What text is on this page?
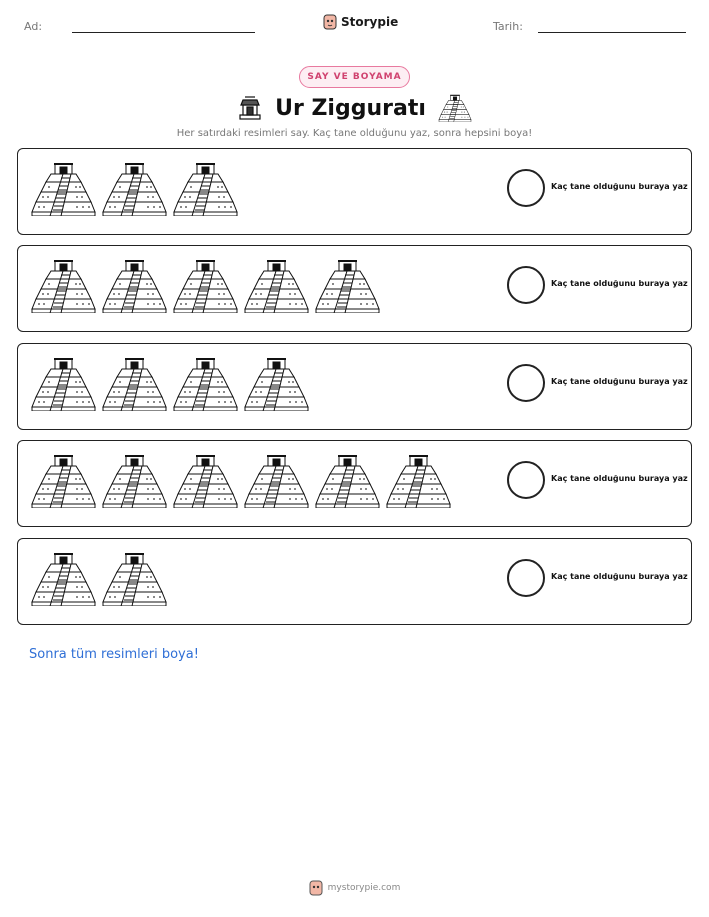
Ad:	Storypie	Tarih:
SAY VE BOYAMA
Ur Zigguratı
Her satırdaki resimleri say. Kaç tane olduğunu yaz, sonra hepsini boya!
Kaç tane olduğunu buraya yaz
Kaç tane olduğunu buraya yaz
Kaç tane olduğunu buraya yaz
Kaç tane olduğunu buraya yaz
Kaç tane olduğunu buraya yaz
Sonra tüm resimleri boya!
mystorypie.com
